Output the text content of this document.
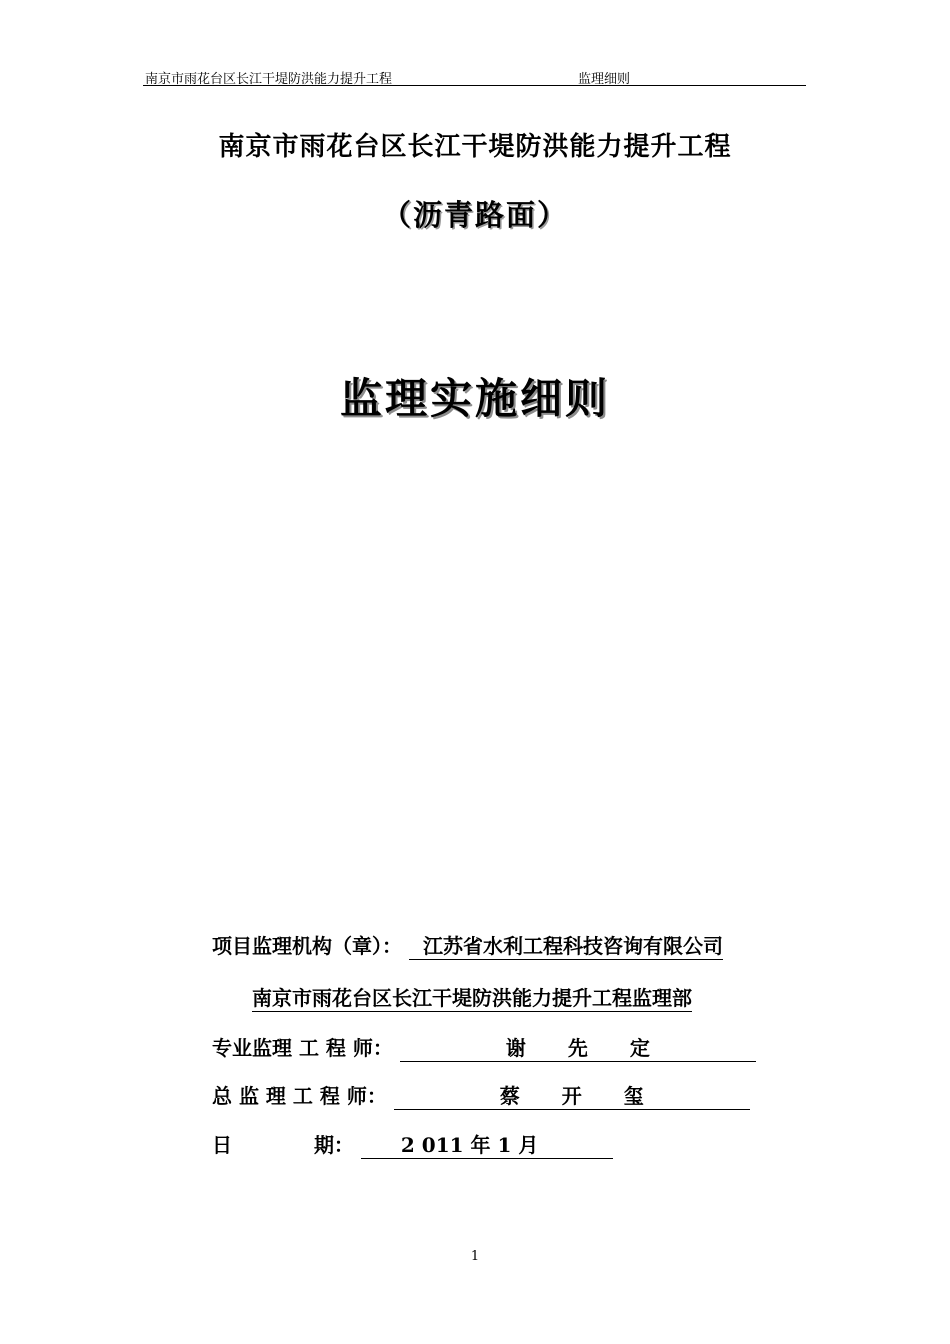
南京市雨花台区长江干堤防洪能力提升工程	监理细则
南京市雨花台区长江干堤防洪能力提升工程
（沥青路面）
监理实施细则
项目监理机构（章）： 江苏省水利工程科技咨询有限公司
南京市雨花台区长江干堤防洪能力提升工程监理部
专业监理 工 程 师：	谢先定
总 监 理 工 程 师：	蔡开玺
日	期： 2 011 年 1 月
1
